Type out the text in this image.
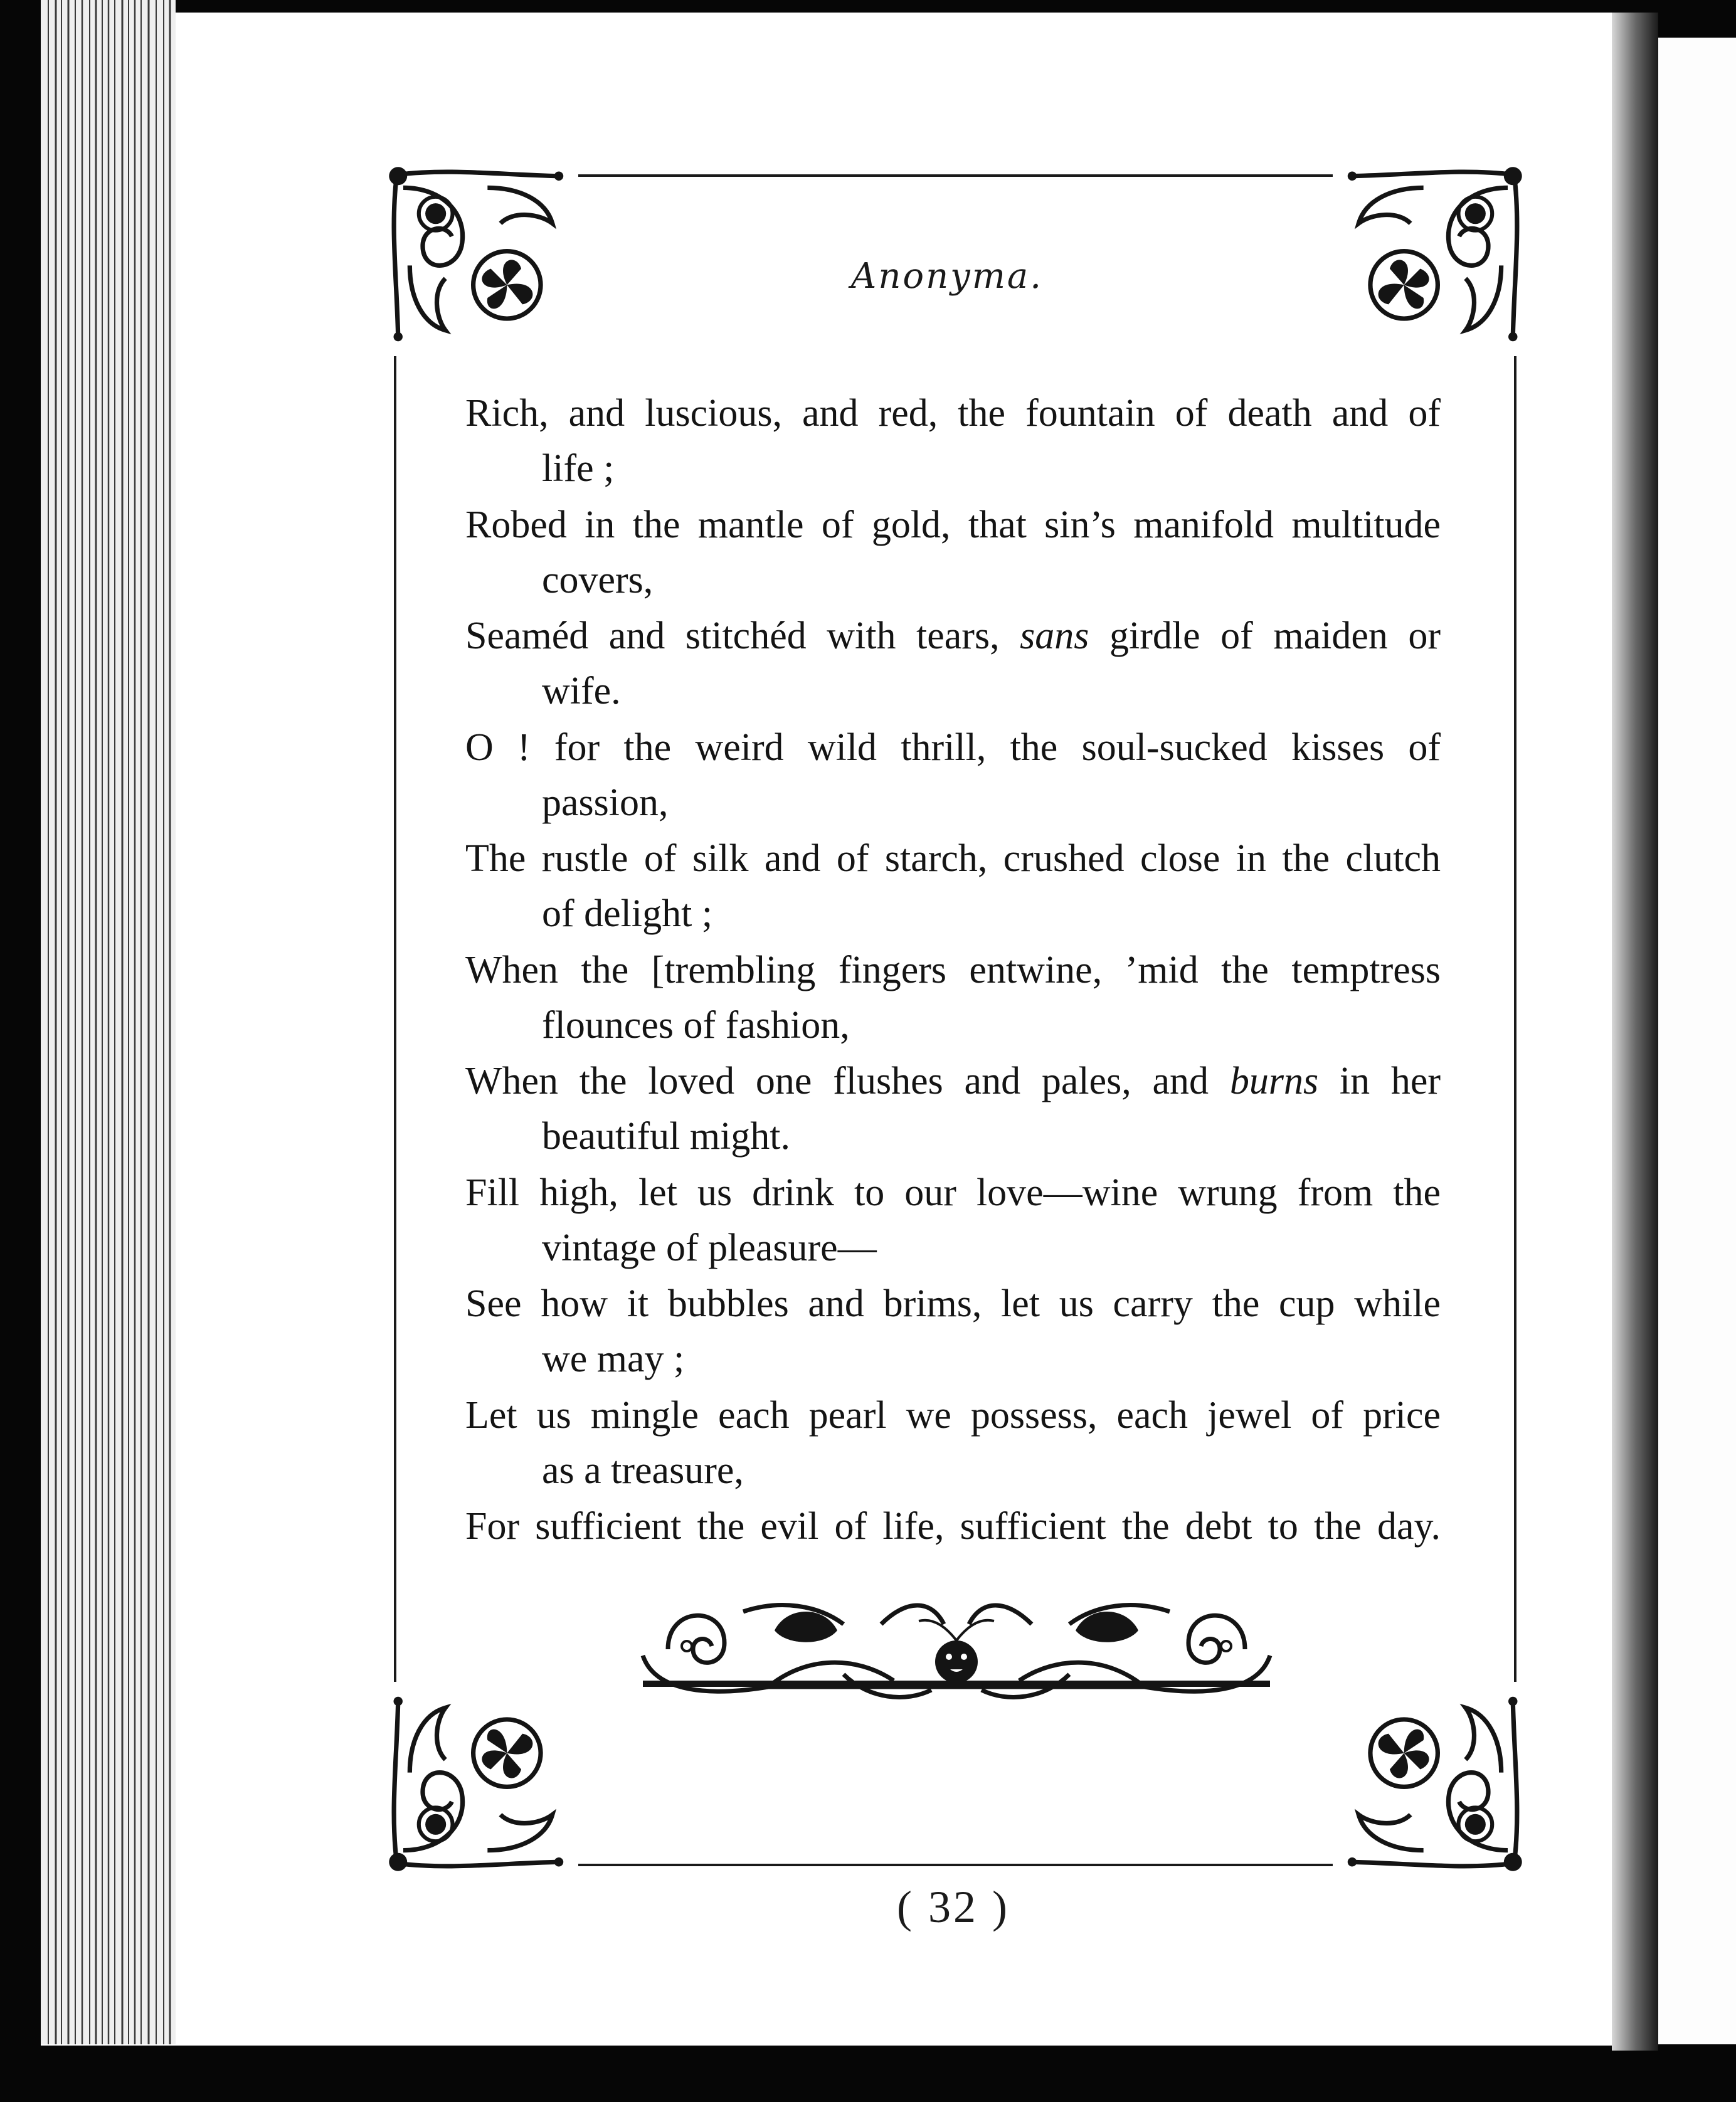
Anonyma.
Rich, and luscious, and red, the fountain of death and of
life ;
Robed in the mantle of gold, that sin’s manifold multitude
covers,
Seaméd and stitchéd with tears, sans girdle of maiden or
wife.
O ! for the weird wild thrill, the soul-sucked kisses of
passion,
The rustle of silk and of starch, crushed close in the clutch
of delight ;
When the [trembling fingers entwine, ’mid the temptress
flounces of fashion,
When the loved one flushes and pales, and burns in her
beautiful might.
Fill high, let us drink to our love—wine wrung from the
vintage of pleasure—
See how it bubbles and brims, let us carry the cup while
we may ;
Let us mingle each pearl we possess, each jewel of price
as a treasure,
For sufficient the evil of life, sufficient the debt to the day.
( 32 )
